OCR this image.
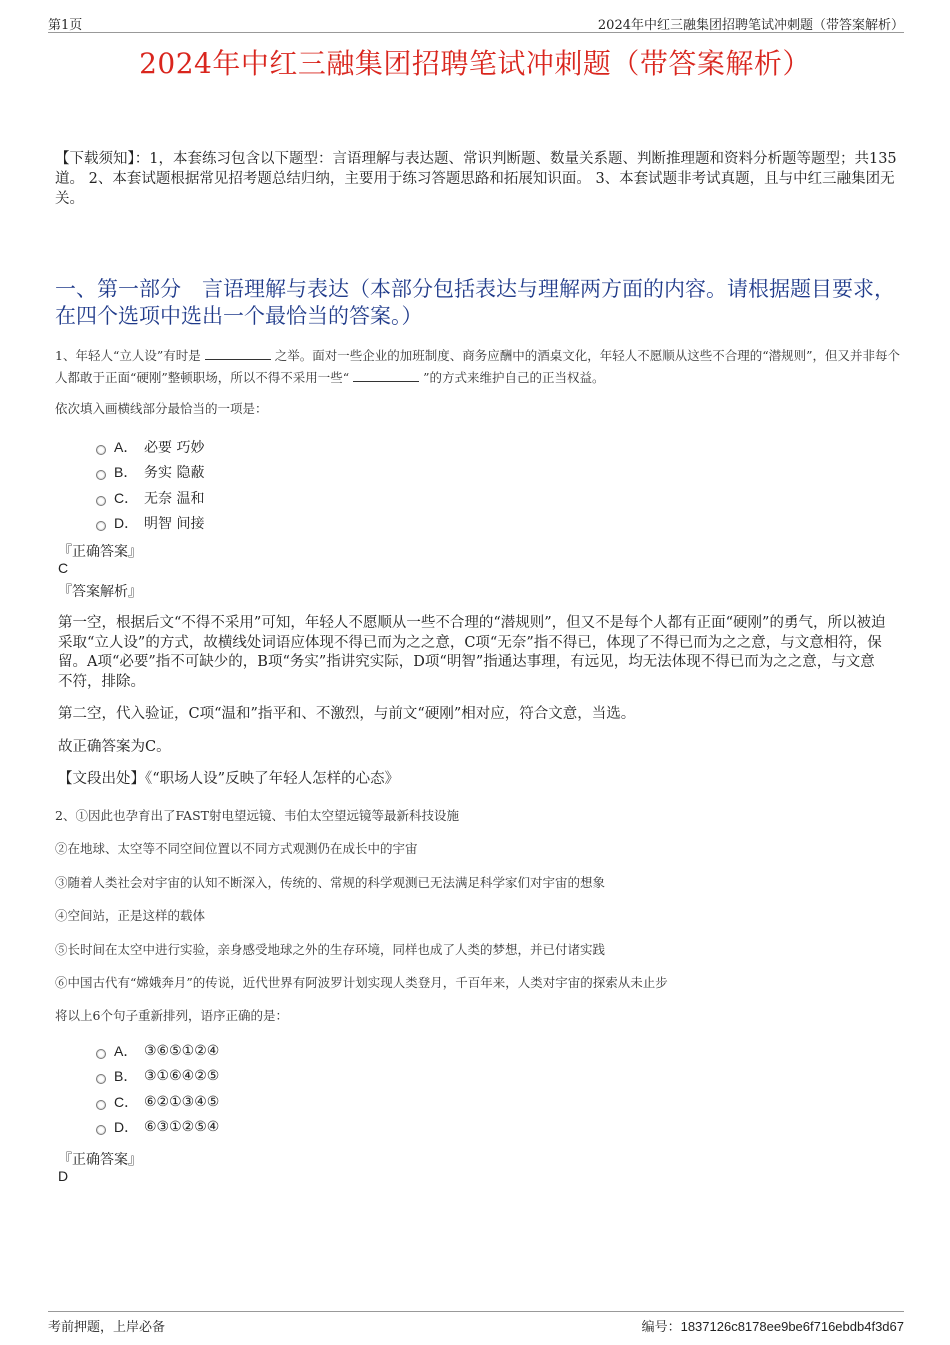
第1页	2024年中红三融集团招聘笔试冲刺题（带答案解析）
2024年中红三融集团招聘笔试冲刺题（带答案解析）
【下载须知】：1，本套练习包含以下题型：言语理解与表达题、常识判断题、数量关系题、判断推理题和资料分析题等题型；共135道。 2、本套试题根据常见招考题总结归纳，主要用于练习答题思路和拓展知识面。 3、本套试题非考试真题，且与中红三融集团无关。
一、第一部分　言语理解与表达（本部分包括表达与理解两方面的内容。请根据题目要求，在四个选项中选出一个最恰当的答案。）
1、年轻人“立人设”有时是	之举。面对一些企业的加班制度、商务应酬中的酒桌文化，年轻人不愿顺从这些不合理的“潜规则”，但又并非每个人都敢于正面“硬刚”整顿职场，所以不得不采用一些“	”的方式来维护自己的正当权益。
依次填入画横线部分最恰当的一项是：
A． 必要 巧妙
B． 务实 隐蔽
C． 无奈 温和
D． 明智 间接
『正确答案』
C
『答案解析』
第一空，根据后文“不得不采用”可知，年轻人不愿顺从一些不合理的“潜规则”，但又不是每个人都有正面“硬刚”的勇气，所以被迫采取“立人设”的方式，故横线处词语应体现不得已而为之之意，C项“无奈”指不得已，体现了不得已而为之之意，与文意相符，保留。A项“必要”指不可缺少的，B项“务实”指讲究实际，D项“明智”指通达事理，有远见，均无法体现不得已而为之之意，与文意不符，排除。
第二空，代入验证，C项“温和”指平和、不激烈，与前文“硬刚”相对应，符合文意，当选。
故正确答案为C。
【文段出处】《“职场人设”反映了年轻人怎样的心态》
2、①因此也孕育出了FAST射电望远镜、韦伯太空望远镜等最新科技设施
②在地球、太空等不同空间位置以不同方式观测仍在成长中的宇宙
③随着人类社会对宇宙的认知不断深入，传统的、常规的科学观测已无法满足科学家们对宇宙的想象
④空间站，正是这样的载体
⑤长时间在太空中进行实验，亲身感受地球之外的生存环境，同样也成了人类的梦想，并已付诸实践
⑥中国古代有“嫦娥奔月”的传说，近代世界有阿波罗计划实现人类登月，千百年来，人类对宇宙的探索从未止步
将以上6个句子重新排列，语序正确的是：
A． ③⑥⑤①②④
B． ③①⑥④②⑤
C． ⑥②①③④⑤
D． ⑥③①②⑤④
『正确答案』
D
考前押题，上岸必备	编号：1837126c8178ee9be6f716ebdb4f3d67
